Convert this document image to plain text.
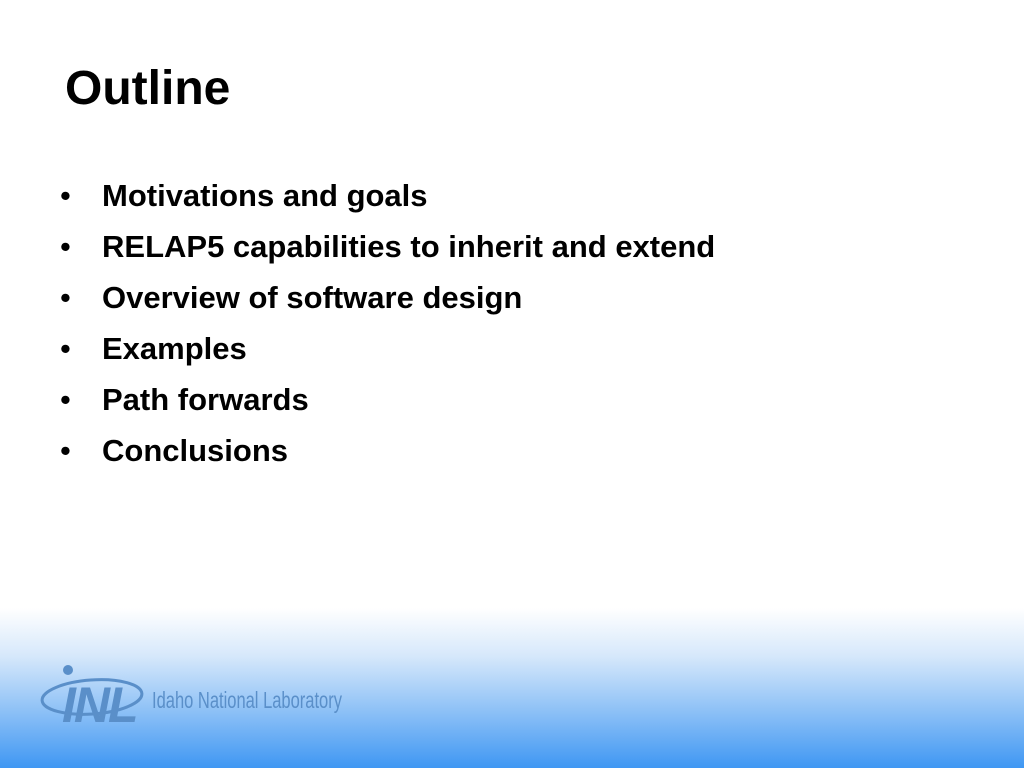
Outline
• Motivations and goals
• RELAP5 capabilities to inherit and extend
• Overview of software design
• Examples
• Path forwards
• Conclusions
INL Idaho National Laboratory
